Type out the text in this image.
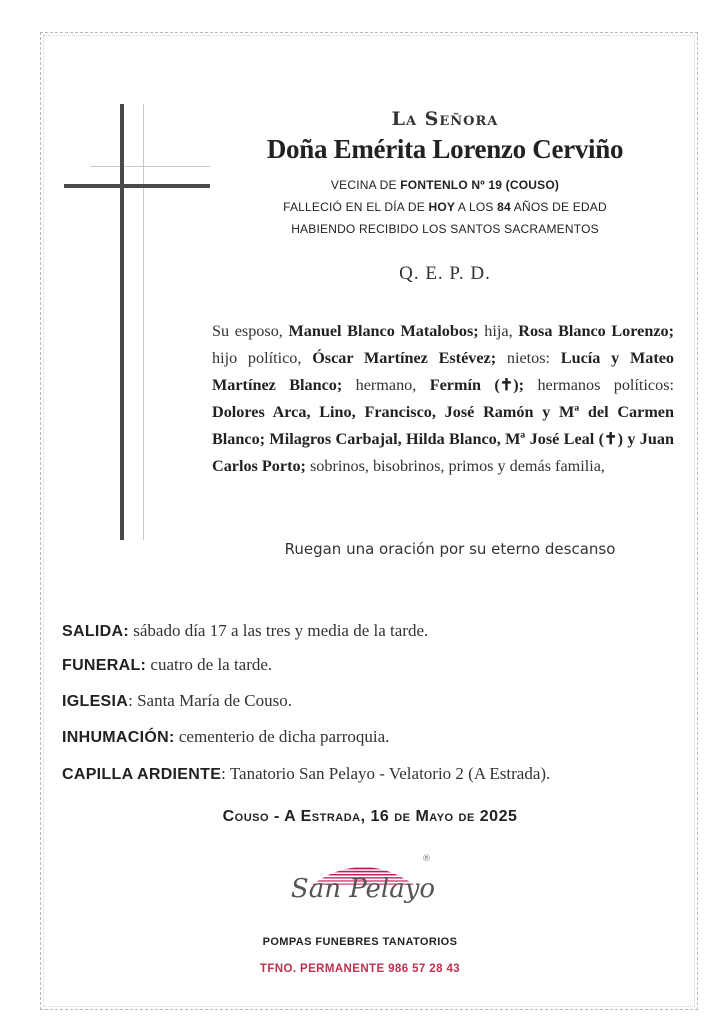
La Señora
Doña Emérita Lorenzo Cerviño
VECINA DE FONTENLO Nº 19 (COUSO)
FALLECIÓ EN EL DÍA DE HOY A LOS 84 AÑOS DE EDAD
HABIENDO RECIBIDO LOS SANTOS SACRAMENTOS
Q. E. P. D.
Su esposo, Manuel Blanco Matalobos; hija, Rosa Blanco Lorenzo; hijo político, Óscar Martínez Estévez; nietos: Lucía y Mateo Martínez Blanco; hermano, Fermín (✝); hermanos políticos: Dolores Arca, Lino, Francisco, José Ramón y Mª del Carmen Blanco; Milagros Carbajal, Hilda Blanco, Mª José Leal (✝) y Juan Carlos Porto; sobrinos, bisobrinos, primos y demás familia,
Ruegan una oración por su eterno descanso
SALIDA: sábado día 17 a las tres y media de la tarde.
FUNERAL: cuatro de la tarde.
IGLESIA: Santa María de Couso.
INHUMACIÓN: cementerio de dicha parroquia.
CAPILLA ARDIENTE: Tanatorio San Pelayo - Velatorio 2 (A Estrada).
Couso - A Estrada, 16 de Mayo de 2025
San Pelayo
®
POMPAS FUNEBRES TANATORIOS
TFNO. PERMANENTE 986 57 28 43
